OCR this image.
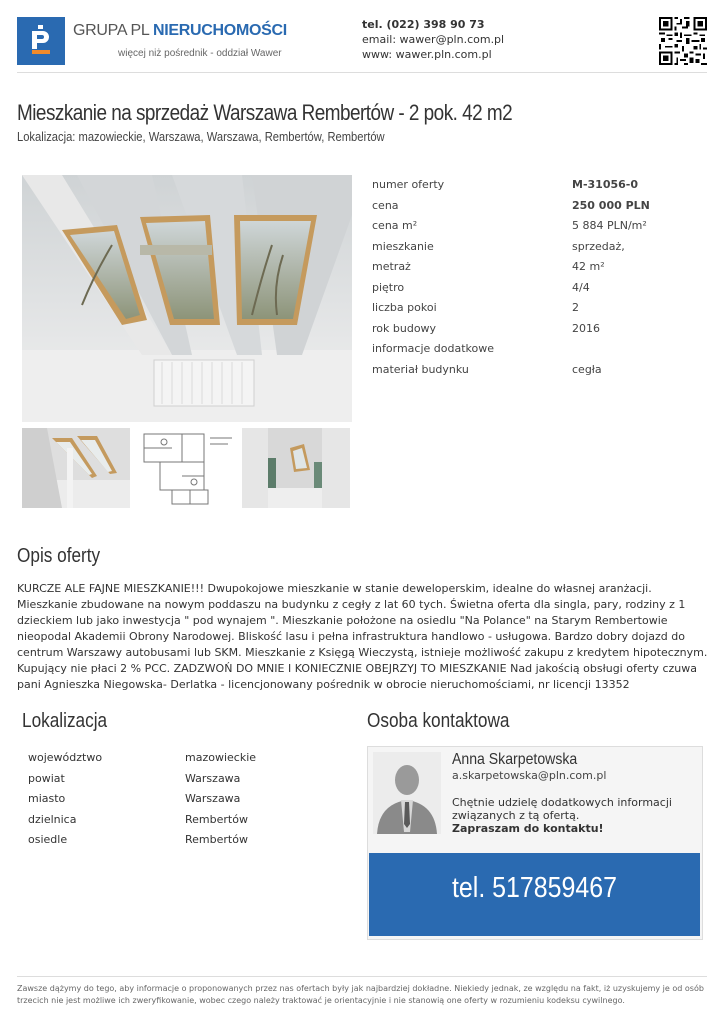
GRUPA PL NIERUCHOMOŚCI
więcej niż pośrednik - oddział Wawer
tel. (022) 398 90 73
email: wawer@pln.com.pl
www: wawer.pln.com.pl
Mieszkanie na sprzedaż Warszawa Rembertów - 2 pok. 42 m2
Lokalizacja: mazowieckie, Warszawa, Warszawa, Rembertów, Rembertów
numer oferty	M-31056-0
cena	250 000 PLN
cena m²	5 884 PLN/m²
mieszkanie	sprzedaż,
metraż	42 m²
piętro	4/4
liczba pokoi	2
rok budowy	2016
informacje dodatkowe
materiał budynku	cegła
Opis oferty
KURCZE ALE FAJNE MIESZKANIE!!! Dwupokojowe mieszkanie w stanie deweloperskim, idealne do własnej aranżacji. Mieszkanie zbudowane na nowym poddaszu na budynku z cegły z lat 60 tych. Świetna oferta dla singla, pary, rodziny z 1 dzieckiem lub jako inwestycja " pod wynajem ". Mieszkanie położone na osiedlu "Na Polance" na Starym Rembertowie nieopodal Akademii Obrony Narodowej. Bliskość lasu i pełna infrastruktura handlowo - usługowa. Bardzo dobry dojazd do centrum Warszawy autobusami lub SKM. Mieszkanie z Księgą Wieczystą, istnieje możliwość zakupu z kredytem hipotecznym. Kupujący nie płaci 2 % PCC. ZADZWOŃ DO MNIE I KONIECZNIE OBEJRZYJ TO MIESZKANIE Nad jakością obsługi oferty czuwa pani Agnieszka Niegowska- Derlatka - licencjonowany pośrednik w obrocie nieruchomościami, nr licencji 13352
Lokalizacja
województwo	mazowieckie
powiat	Warszawa
miasto	Warszawa
dzielnica	Rembertów
osiedle	Rembertów
Osoba kontaktowa
Anna Skarpetowska
a.skarpetowska@pln.com.pl
Chętnie udzielę dodatkowych informacji związanych z tą ofertą.
Zapraszam do kontaktu!
tel. 517859467
Zawsze dążymy do tego, aby informacje o proponowanych przez nas ofertach były jak najbardziej dokładne. Niekiedy jednak, ze względu na fakt, iż uzyskujemy je od osób trzecich nie jest możliwe ich zweryfikowanie, wobec czego należy traktować je orientacyjnie i nie stanowią one oferty w rozumieniu kodeksu cywilnego.
